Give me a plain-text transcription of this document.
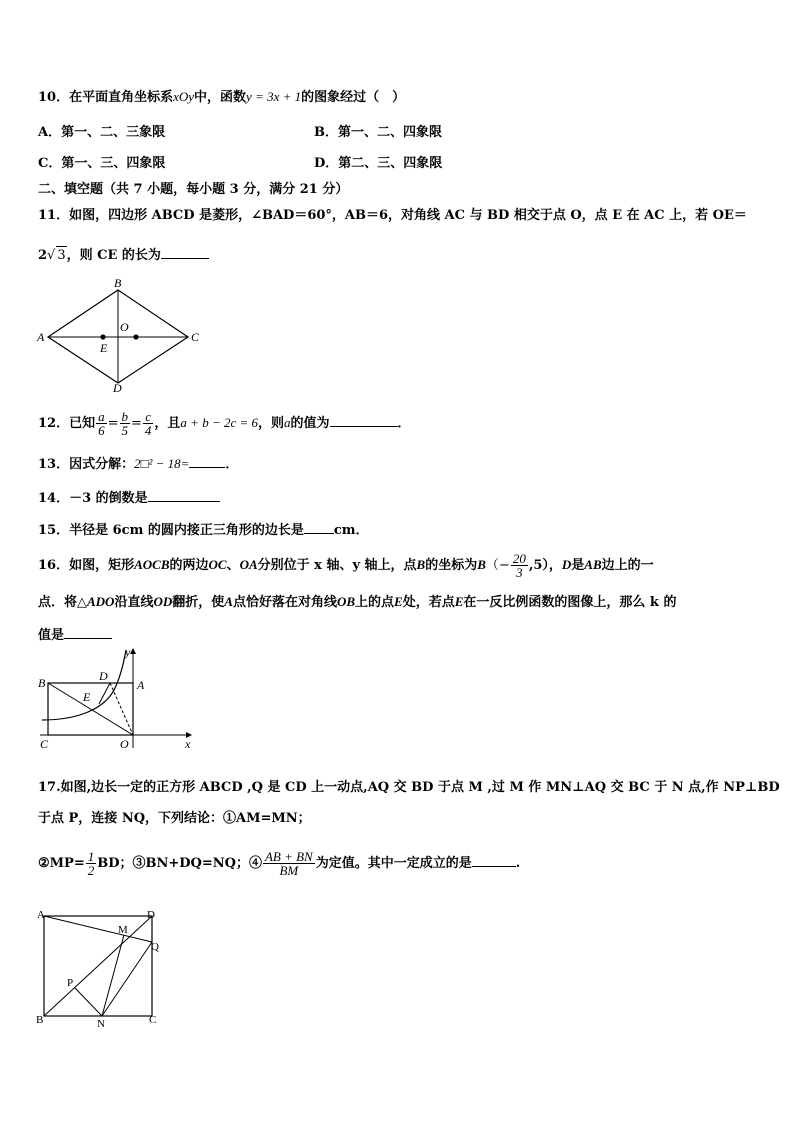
10．在平面直角坐标系xOy中，函数y = 3x + 1的图象经过（　）
A．第一、二、三象限	B．第一、二、四象限
C．第一、三、四象限	D．第二、三、四象限
二、填空题（共 7 小题，每小题 3 分，满分 21 分）
11．如图，四边形 ABCD 是菱形，∠BAD＝60°，AB＝6，对角线 AC 与 BD 相交于点 O，点 E 在 AC 上，若 OE＝
2√ 3，则 CE 的长为
A
B
C
D
O
E
12．已知 $\frac{a}{6} = \frac{b}{5} = \frac{c}{4}$ ，且a + b − 2c = 6，则a的值为	．
13．因式分解：2□² − 18=	．
14．－3 的倒数是
15．半径是 6cm 的圆内接正三角形的边长是 cm．
16．如图，矩形AOCB的两边OC、OA分别位于 x 轴、y 轴上，点B的坐标为$B(- \frac{20}{3} ,5)$，D是AB边上的一
点．将△ADO沿直线OD翻折，使A点恰好落在对角线OB上的点E处，若点E在一反比例函数的图像上，那么 k 的
值是
B	D
A
E
C	O	x
y
17.如图,边长一定的正方形 ABCD ,Q 是 CD 上一动点,AQ 交 BD 于点 M ,过 M 作 MN⊥AQ 交 BC 于 N 点,作 NP⊥BD
于点 P，连接 NQ，下列结论：①AM=MN；
②MP= $\frac{1}{2}$ BD；③BN+DQ=NQ；④ $\frac{AB + BN}{BM}$ 为定值。其中一定成立的是	.
A	D
M
Q
P
B	N	C
